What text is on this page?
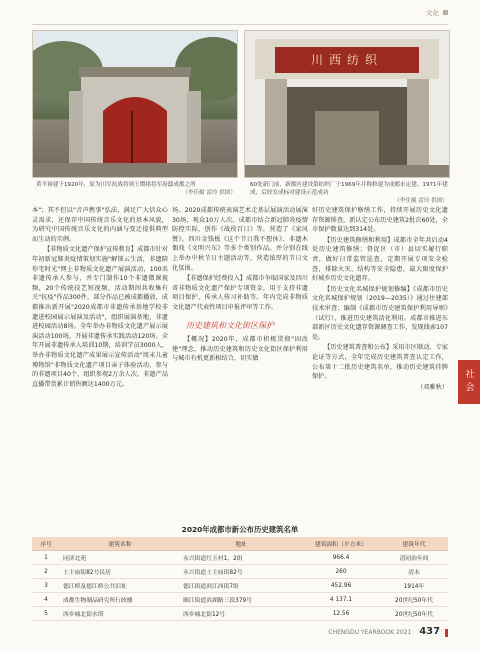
文化
川西纺织
黄平裕建于1920年，原为川军抗战将领王缵绪将军府邸成都之所
（李佳摄 雷玲 供图）
60处新门前，新都区建设第纺织厂于1969年并称修建为成都市定建。1971年建成，后经室成标对建设示范成功
（李佳摄 雷玲 供图）

本"；其不但以"音声携事"弘法，满足广大信众心灵需求，还保存中国传统音乐文化的基本风貌，为研究中国传统音乐文化的内涵与变迁提供典型而生动的实例。

【非物质文化遗产保护宣传教育】成都市针对年初新冠肺炎疫情策划实施"解锁云生活，非遗陪你宅时光"网上非物质文化遗产展演活动，100名非遗传承人参与，并专门制作10个非遗微课视频，20个传统技艺短视频，活动期间共收集有关"抗疫"作品300件，部分作品已被成都播放，成都推出新开展"2020成都市非遗传承基地学校非遗进校园展示展演及活动"，组织展演基地，非遗进校园活动8场。全年举办非物质文化遗产展示展演活动100场，开展非遗传承实践活动120场。全年开展非遗传承人培训10期，培训学员3000人，举办非物质文化遗产成果展示宣传活动"周末儿童博物馆"非物质文化遗产项目亲子体验活动，参与的非遗项目40个，组织参观2万余人次。非遗产品直播带货累计销售额达1400万元。

场。2020成都传统表演艺术走基层展演活动展演30场，观众10万人次。成都市结合新冠肺炎疫情防控实际，创作《战役百日》等，营造了《家风赞》，四川金钱板《这个节日我不想休》、非遗木偶戏《文明兴东》等多个类别作品。并分别在线上举办中秋节日主题活动等，营造浓厚的节日文化氛围。

【非遗保护经费投入】成都市争取国家及四川省非物质文化遗产保护专项资金，用于支持非遗项目保护、传承人传习补助等。年内完成非物质文化遗产代表性项目申报评审等工作。

历史建筑和文化街区保护

【概况】2020年，成都市积极贯彻"固改建"理念，推动历史建筑和历史文化街区保护利用与城市有机更新相结合，切实做

好历史建筑保护修缮工作，持续开展历史文化遗存资源排查，新认定公布历史建筑2批次60处，全市保护数量达到314处。

【历史建筑修缮和利用】成都市全年共启动4处历史建筑修缮；督促区（市）县切实履行职责，做好日常监管巡查，定期开展专项安全检查，排除火灾、结构等安全隐患，最大限度保护好城乡历史文化遗存。

【历史文化名城保护规划修编】《成都市历史文化名城保护规划（2019—2035）》通过住建部技术审查；编制《成都市历史建筑保护利用导则》（试行），推进历史建筑活化利用。成都市推进东部新区历史文化遗存资源调查工作，发现线索107处。

【历史建筑普查和公布】采用市区联动、专家论证等方式，全年完成历史建筑普查认定工作，公布第十二批历史建筑名单，推动历史建筑挂牌保护。

（邓雅秋）	社会
2020年成都市新公布历史建筑名单
序号	建筑名称	地址	建筑面积（平方米）	建筑年代
1	同济北苑	永兴街道红玉村1、2组	966.4	清同治年间
2	土主庙街82号民居	永兴街道土主庙街82号	260	清末
3	德江桥及德江桥公共旧址	德江街道滨江西街7组	452.96	1914年
4	成都生物制品研究所行政楼	顺江街道滨湖路三段379号	4 137.1	20世纪50年代
5	西乡城北街水塔	西乡城北街12号	12.56	20世纪50年代
CHENGDU YEARBOOK 2021 437
